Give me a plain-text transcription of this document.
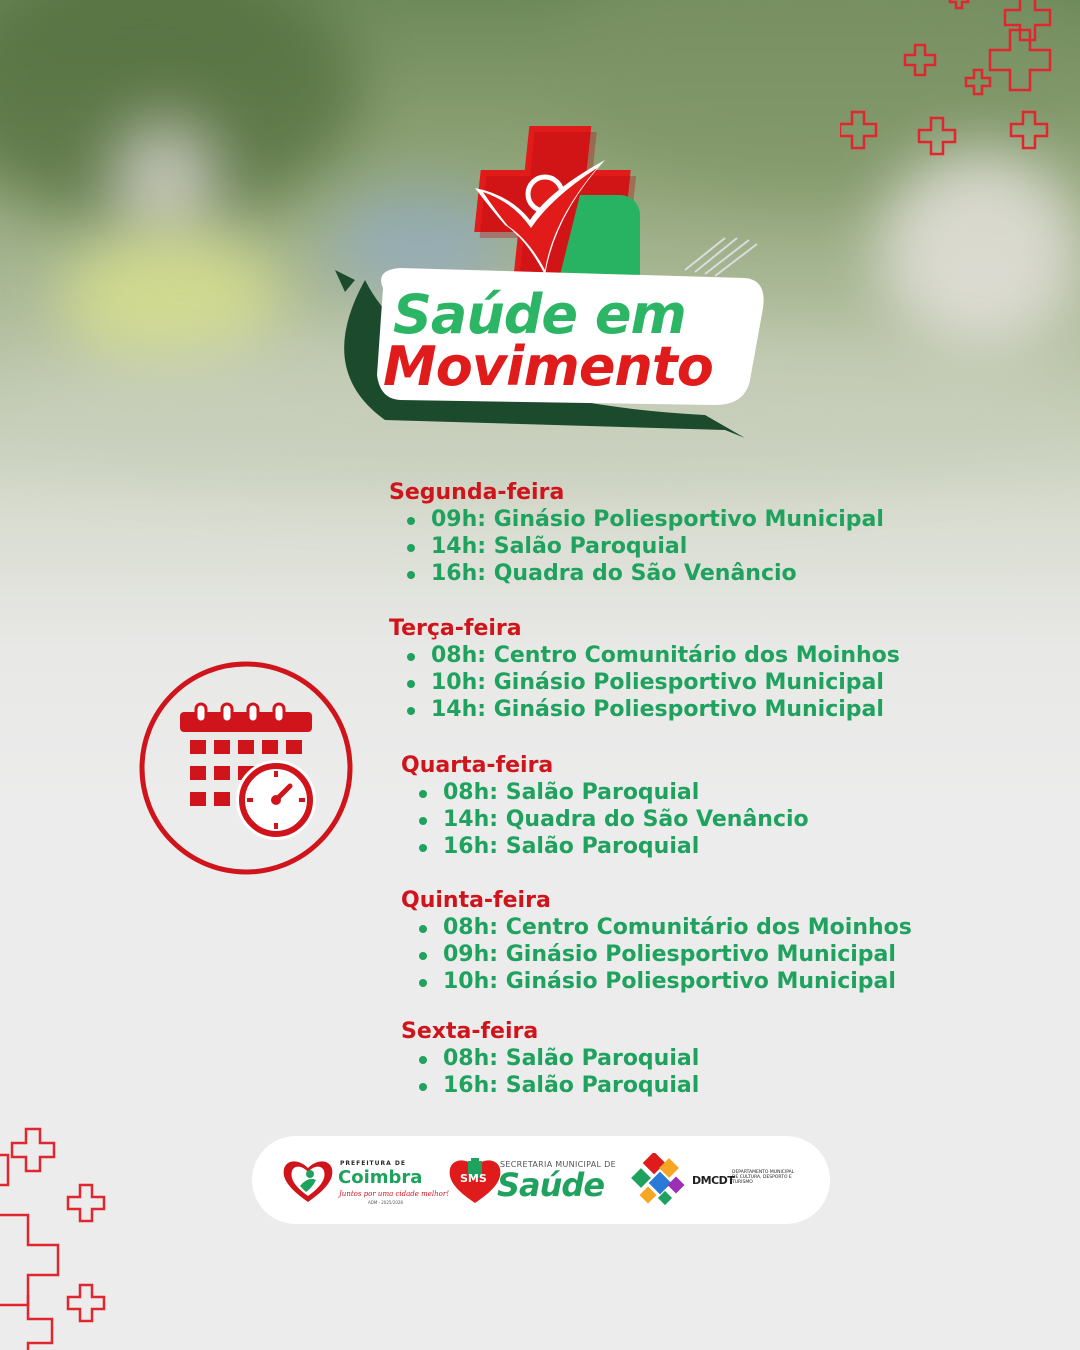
Saúde em
Movimento
Segunda-feira
09h: Ginásio Poliesportivo Municipal
14h: Salão Paroquial
16h: Quadra do São Venâncio
Terça-feira
08h: Centro Comunitário dos Moinhos
10h: Ginásio Poliesportivo Municipal
14h: Ginásio Poliesportivo Municipal
Quarta-feira
08h: Salão Paroquial
14h: Quadra do São Venâncio
16h: Salão Paroquial
Quinta-feira
08h: Centro Comunitário dos Moinhos
09h: Ginásio Poliesportivo Municipal
10h: Ginásio Poliesportivo Municipal
Sexta-feira
08h: Salão Paroquial
16h: Salão Paroquial
PREFEITURA DE
Coimbra
Juntos por uma cidade melhor!
ADM - 2025/2028
SMS
SECRETARIA MUNICIPAL DE
Saúde	DMCDT
DEPARTAMENTO MUNICIPAL DE CULTURA, DESPORTO E TURISMO
